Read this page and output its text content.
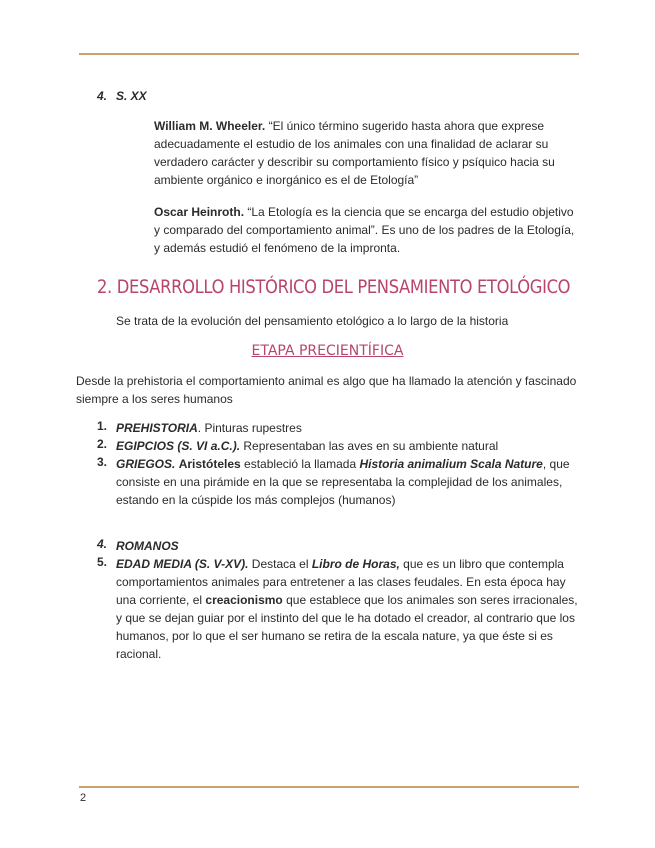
4. S. XX
William M. Wheeler. “El único término sugerido hasta ahora que exprese adecuadamente el estudio de los animales con una finalidad de aclarar su verdadero carácter y describir su comportamiento físico y psíquico hacia su ambiente orgánico e inorgánico es el de Etología”
Oscar Heinroth. “La Etología es la ciencia que se encarga del estudio objetivo y comparado del comportamiento animal”. Es uno de los padres de la Etología, y además estudió el fenómeno de la impronta.
2. DESARROLLO HISTÓRICO DEL PENSAMIENTO ETOLÓGICO
Se trata de la evolución del pensamiento etológico a lo largo de la historia
ETAPA PRECIENTÍFICA
Desde la prehistoria el comportamiento animal es algo que ha llamado la atención y fascinado siempre a los seres humanos
1. PREHISTORIA. Pinturas rupestres
2. EGIPCIOS (S. VI a.C.). Representaban las aves en su ambiente natural
3. GRIEGOS. Aristóteles estableció la llamada Historia animalium Scala Nature, que consiste en una pirámide en la que se representaba la complejidad de los animales, estando en la cúspide los más complejos (humanos)
4. ROMANOS
5. EDAD MEDIA (S. V-XV). Destaca el Libro de Horas, que es un libro que contempla comportamientos animales para entretener a las clases feudales. En esta época hay una corriente, el creacionismo que establece que los animales son seres irracionales, y que se dejan guiar por el instinto del que le ha dotado el creador, al contrario que los humanos, por lo que el ser humano se retira de la escala nature, ya que éste si es racional.
2
